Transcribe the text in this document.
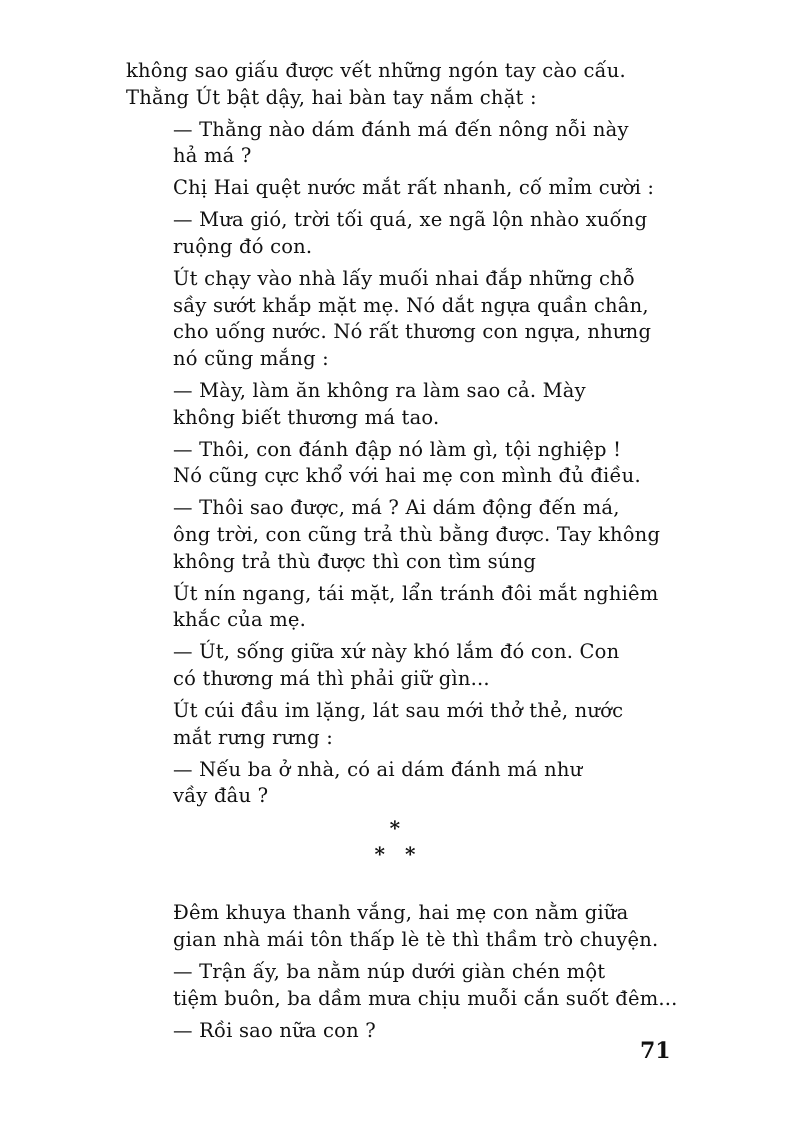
không sao giấu được vết những ngón tay cào cấu.
Thằng Út bật dậy, hai bàn tay nắm chặt :

— Thằng nào dám đánh má đến nông nỗi này
hả má ?

Chị Hai quệt nước mắt rất nhanh, cố mỉm cười :

— Mưa gió, trời tối quá, xe ngã lộn nhào xuống
ruộng đó con.

Út chạy vào nhà lấy muối nhai đắp những chỗ
sầy sướt khắp mặt mẹ. Nó dắt ngựa quần chân,
cho uống nước. Nó rất thương con ngựa, nhưng
nó cũng mắng :

— Mày, làm ăn không ra làm sao cả. Mày
không biết thương má tao.

— Thôi, con đánh đập nó làm gì, tội nghiệp !
Nó cũng cực khổ với hai mẹ con mình đủ điều.

— Thôi sao được, má ? Ai dám động đến má,
ông trời, con cũng trả thù bằng được. Tay không
không trả thù được thì con tìm súng

Út nín ngang, tái mặt, lẩn tránh đôi mắt nghiêm
khắc của mẹ.

— Út, sống giữa xứ này khó lắm đó con. Con
có thương má thì phải giữ gìn...

Út cúi đầu im lặng, lát sau mới thở thẻ, nước
mắt rưng rưng :

— Nếu ba ở nhà, có ai dám đánh má như
vầy đâu ?

*
**

Đêm khuya thanh vắng, hai mẹ con nằm giữa
gian nhà mái tôn thấp lè tè thì thầm trò chuyện.

— Trận ấy, ba nằm núp dưới giàn chén một
tiệm buôn, ba dầm mưa chịu muỗi cắn suốt đêm...

— Rồi sao nữa con ?

71
